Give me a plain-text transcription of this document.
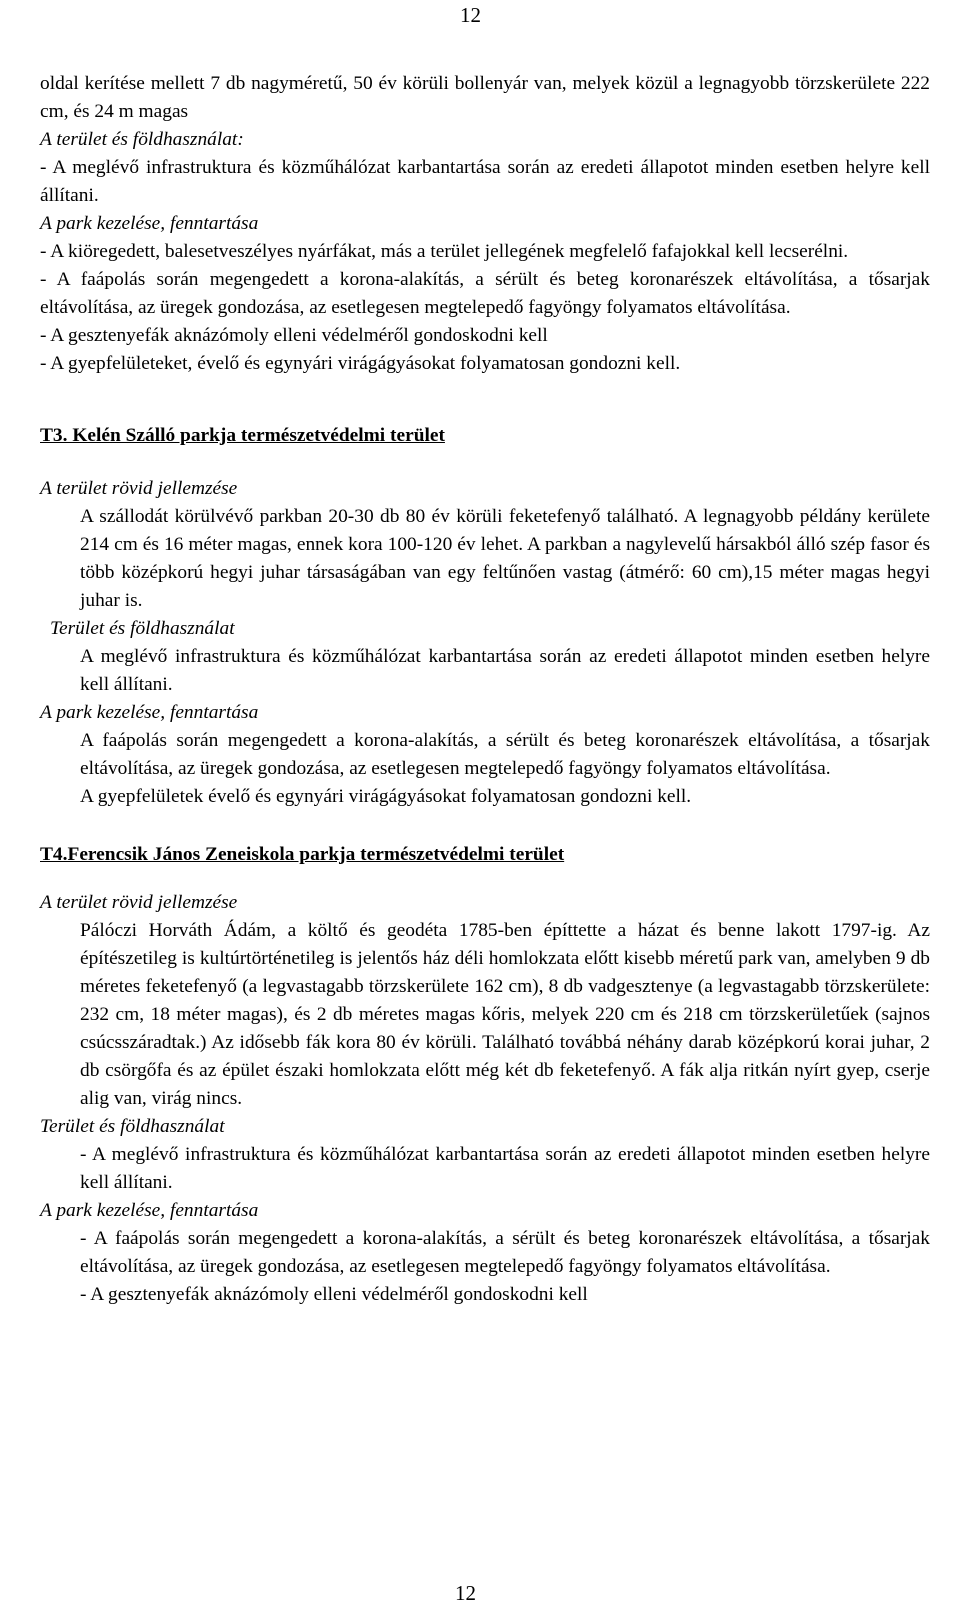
12

oldal kerítése mellett 7 db nagyméretű, 50 év körüli bollenyár van, melyek közül a legnagyobb törzskerülete 222 cm, és 24 m magas

A terület és földhasználat:

- A meglévő infrastruktura és közműhálózat karbantartása során az eredeti állapotot minden esetben helyre kell állítani.

A park kezelése, fenntartása

- A kiöregedett, balesetveszélyes nyárfákat, más a terület jellegének megfelelő fafajokkal kell lecserélni.

- A faápolás során megengedett a korona-alakítás, a sérült és beteg koronarészek eltávolítása, a tősarjak eltávolítása, az üregek gondozása, az esetlegesen megtelepedő fagyöngy folyamatos eltávolítása.

- A gesztenyefák aknázómoly elleni védelméről gondoskodni kell

- A gyepfelületeket, évelő és egynyári virágágyásokat folyamatosan gondozni kell.

T3. Kelén Szálló parkja természetvédelmi terület

A terület rövid jellemzése

A szállodát körülvévő parkban 20-30 db 80 év körüli feketefenyő található. A legnagyobb példány kerülete 214 cm és 16 méter magas, ennek kora 100-120 év lehet. A parkban a nagylevelű hársakból álló szép fasor és több középkorú hegyi juhar társaságában van egy feltűnően vastag (átmérő: 60 cm),15 méter magas hegyi juhar is.

Terület és földhasználat

A meglévő infrastruktura és közműhálózat karbantartása során az eredeti állapotot minden esetben helyre kell állítani.

A park kezelése, fenntartása

A faápolás során megengedett a korona-alakítás, a sérült és beteg koronarészek eltávolítása, a tősarjak eltávolítása, az üregek gondozása, az esetlegesen megtelepedő fagyöngy folyamatos eltávolítása.

A gyepfelületek évelő és egynyári virágágyásokat folyamatosan gondozni kell.

T4.Ferencsik János Zeneiskola parkja természetvédelmi terület

A terület rövid jellemzése

Pálóczi Horváth Ádám, a költő és geodéta 1785-ben építtette a házat és benne lakott 1797-ig. Az építészetileg is kultúrtörténetileg is jelentős ház déli homlokzata előtt kisebb méretű park van, amelyben 9 db méretes feketefenyő (a legvastagabb törzskerülete 162 cm), 8 db vadgesztenye (a legvastagabb törzskerülete: 232 cm, 18 méter magas), és 2 db méretes magas kőris, melyek 220 cm és 218 cm törzskerületűek (sajnos csúcsszáradtak.) Az idősebb fák kora 80 év körüli. Található továbbá néhány darab középkorú korai juhar, 2 db csörgőfa és az épület északi homlokzata előtt még két db feketefenyő. A fák alja ritkán nyírt gyep, cserje alig van, virág nincs.

Terület és földhasználat

- A meglévő infrastruktura és közműhálózat karbantartása során az eredeti állapotot minden esetben helyre kell állítani.

A park kezelése, fenntartása

- A faápolás során megengedett a korona-alakítás, a sérült és beteg koronarészek eltávolítása, a tősarjak eltávolítása, az üregek gondozása, az esetlegesen megtelepedő fagyöngy folyamatos eltávolítása.

- A gesztenyefák aknázómoly elleni védelméről gondoskodni kell

12
